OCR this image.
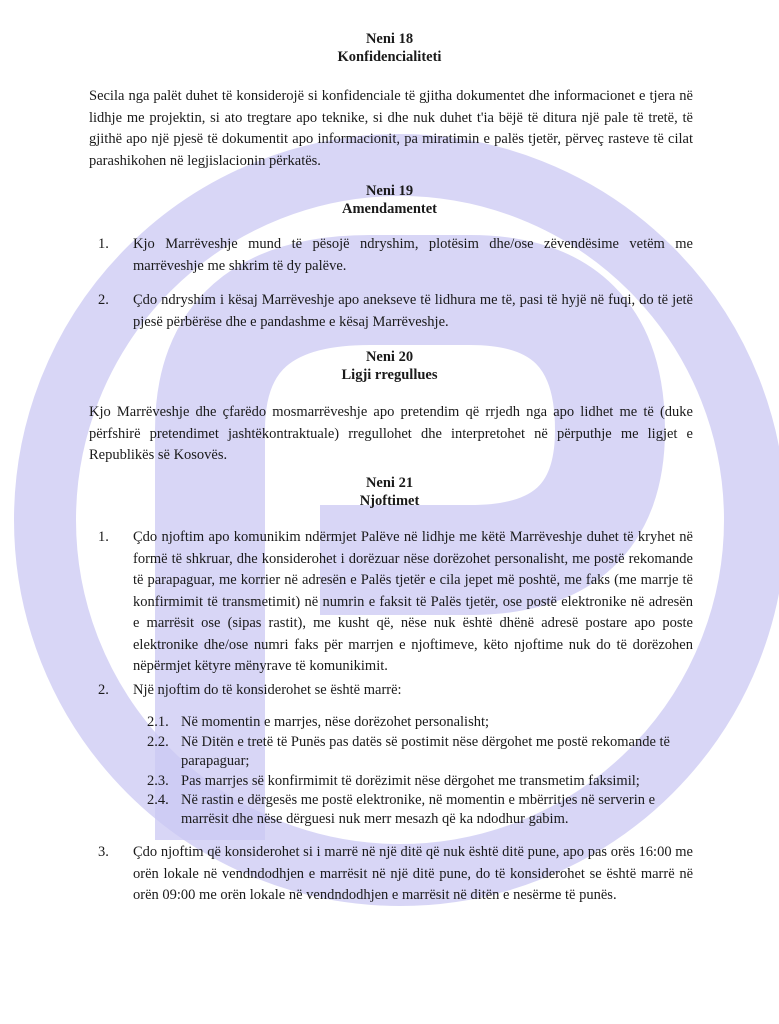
Neni 18
Konfidencialiteti
Secila nga palët duhet të konsiderojë si konfidenciale të gjitha dokumentet dhe informacionet e tjera në lidhje me projektin, si ato tregtare apo teknike, si dhe nuk duhet t'ia bëjë të ditura një pale të tretë, të gjithë apo një pjesë të dokumentit apo informacionit, pa miratimin e palës tjetër, përveç rasteve të cilat parashikohen në legjislacionin përkatës.
Neni 19
Amendamentet
1. Kjo Marrëveshje mund të pësojë ndryshim, plotësim dhe/ose zëvendësime vetëm me marrëveshje me shkrim të dy palëve.
2. Çdo ndryshim i kësaj Marrëveshje apo anekseve të lidhura me të, pasi të hyjë në fuqi, do të jetë pjesë përbërëse dhe e pandashme e kësaj Marrëveshje.
Neni 20
Ligji rregullues
Kjo Marrëveshje dhe çfarëdo mosmarrëveshje apo pretendim që rrjedh nga apo lidhet me të (duke përfshirë pretendimet jashtëkontraktuale) rregullohet dhe interpretohet në përputhje me ligjet e Republikës së Kosovës.
Neni 21
Njoftimet
1. Çdo njoftim apo komunikim ndërmjet Palëve në lidhje me këtë Marrëveshje duhet të kryhet në formë të shkruar, dhe konsiderohet i dorëzuar nëse dorëzohet personalisht, me postë rekomande të parapaguar, me korrier në adresën e Palës tjetër e cila jepet më poshtë, me faks (me marrje të konfirmimit të transmetimit) në numrin e faksit të Palës tjetër, ose postë elektronike në adresën e marrësit ose (sipas rastit), me kusht që, nëse nuk është dhënë adresë postare apo poste elektronike dhe/ose numri faks për marrjen e njoftimeve, këto njoftime nuk do të dorëzohen nëpërmjet këtyre mënyrave të komunikimit.
2. Një njoftim do të konsiderohet se është marrë:
2.1. Në momentin e marrjes, nëse dorëzohet personalisht;
2.2. Në Ditën e tretë të Punës pas datës së postimit nëse dërgohet me postë rekomande të parapaguar;
2.3. Pas marrjes së konfirmimit të dorëzimit nëse dërgohet me transmetim faksimil;
2.4. Në rastin e dërgesës me postë elektronike, në momentin e mbërritjes në serverin e marrësit dhe nëse dërguesi nuk merr mesazh që ka ndodhur gabim.
3. Çdo njoftim që konsiderohet si i marrë në një ditë që nuk është ditë pune, apo pas orës 16:00 me orën lokale në vendndodhjen e marrësit në një ditë pune, do të konsiderohet se është marrë në orën 09:00 me orën lokale në vendndodhjen e marrësit në ditën e nesërme të punës.
